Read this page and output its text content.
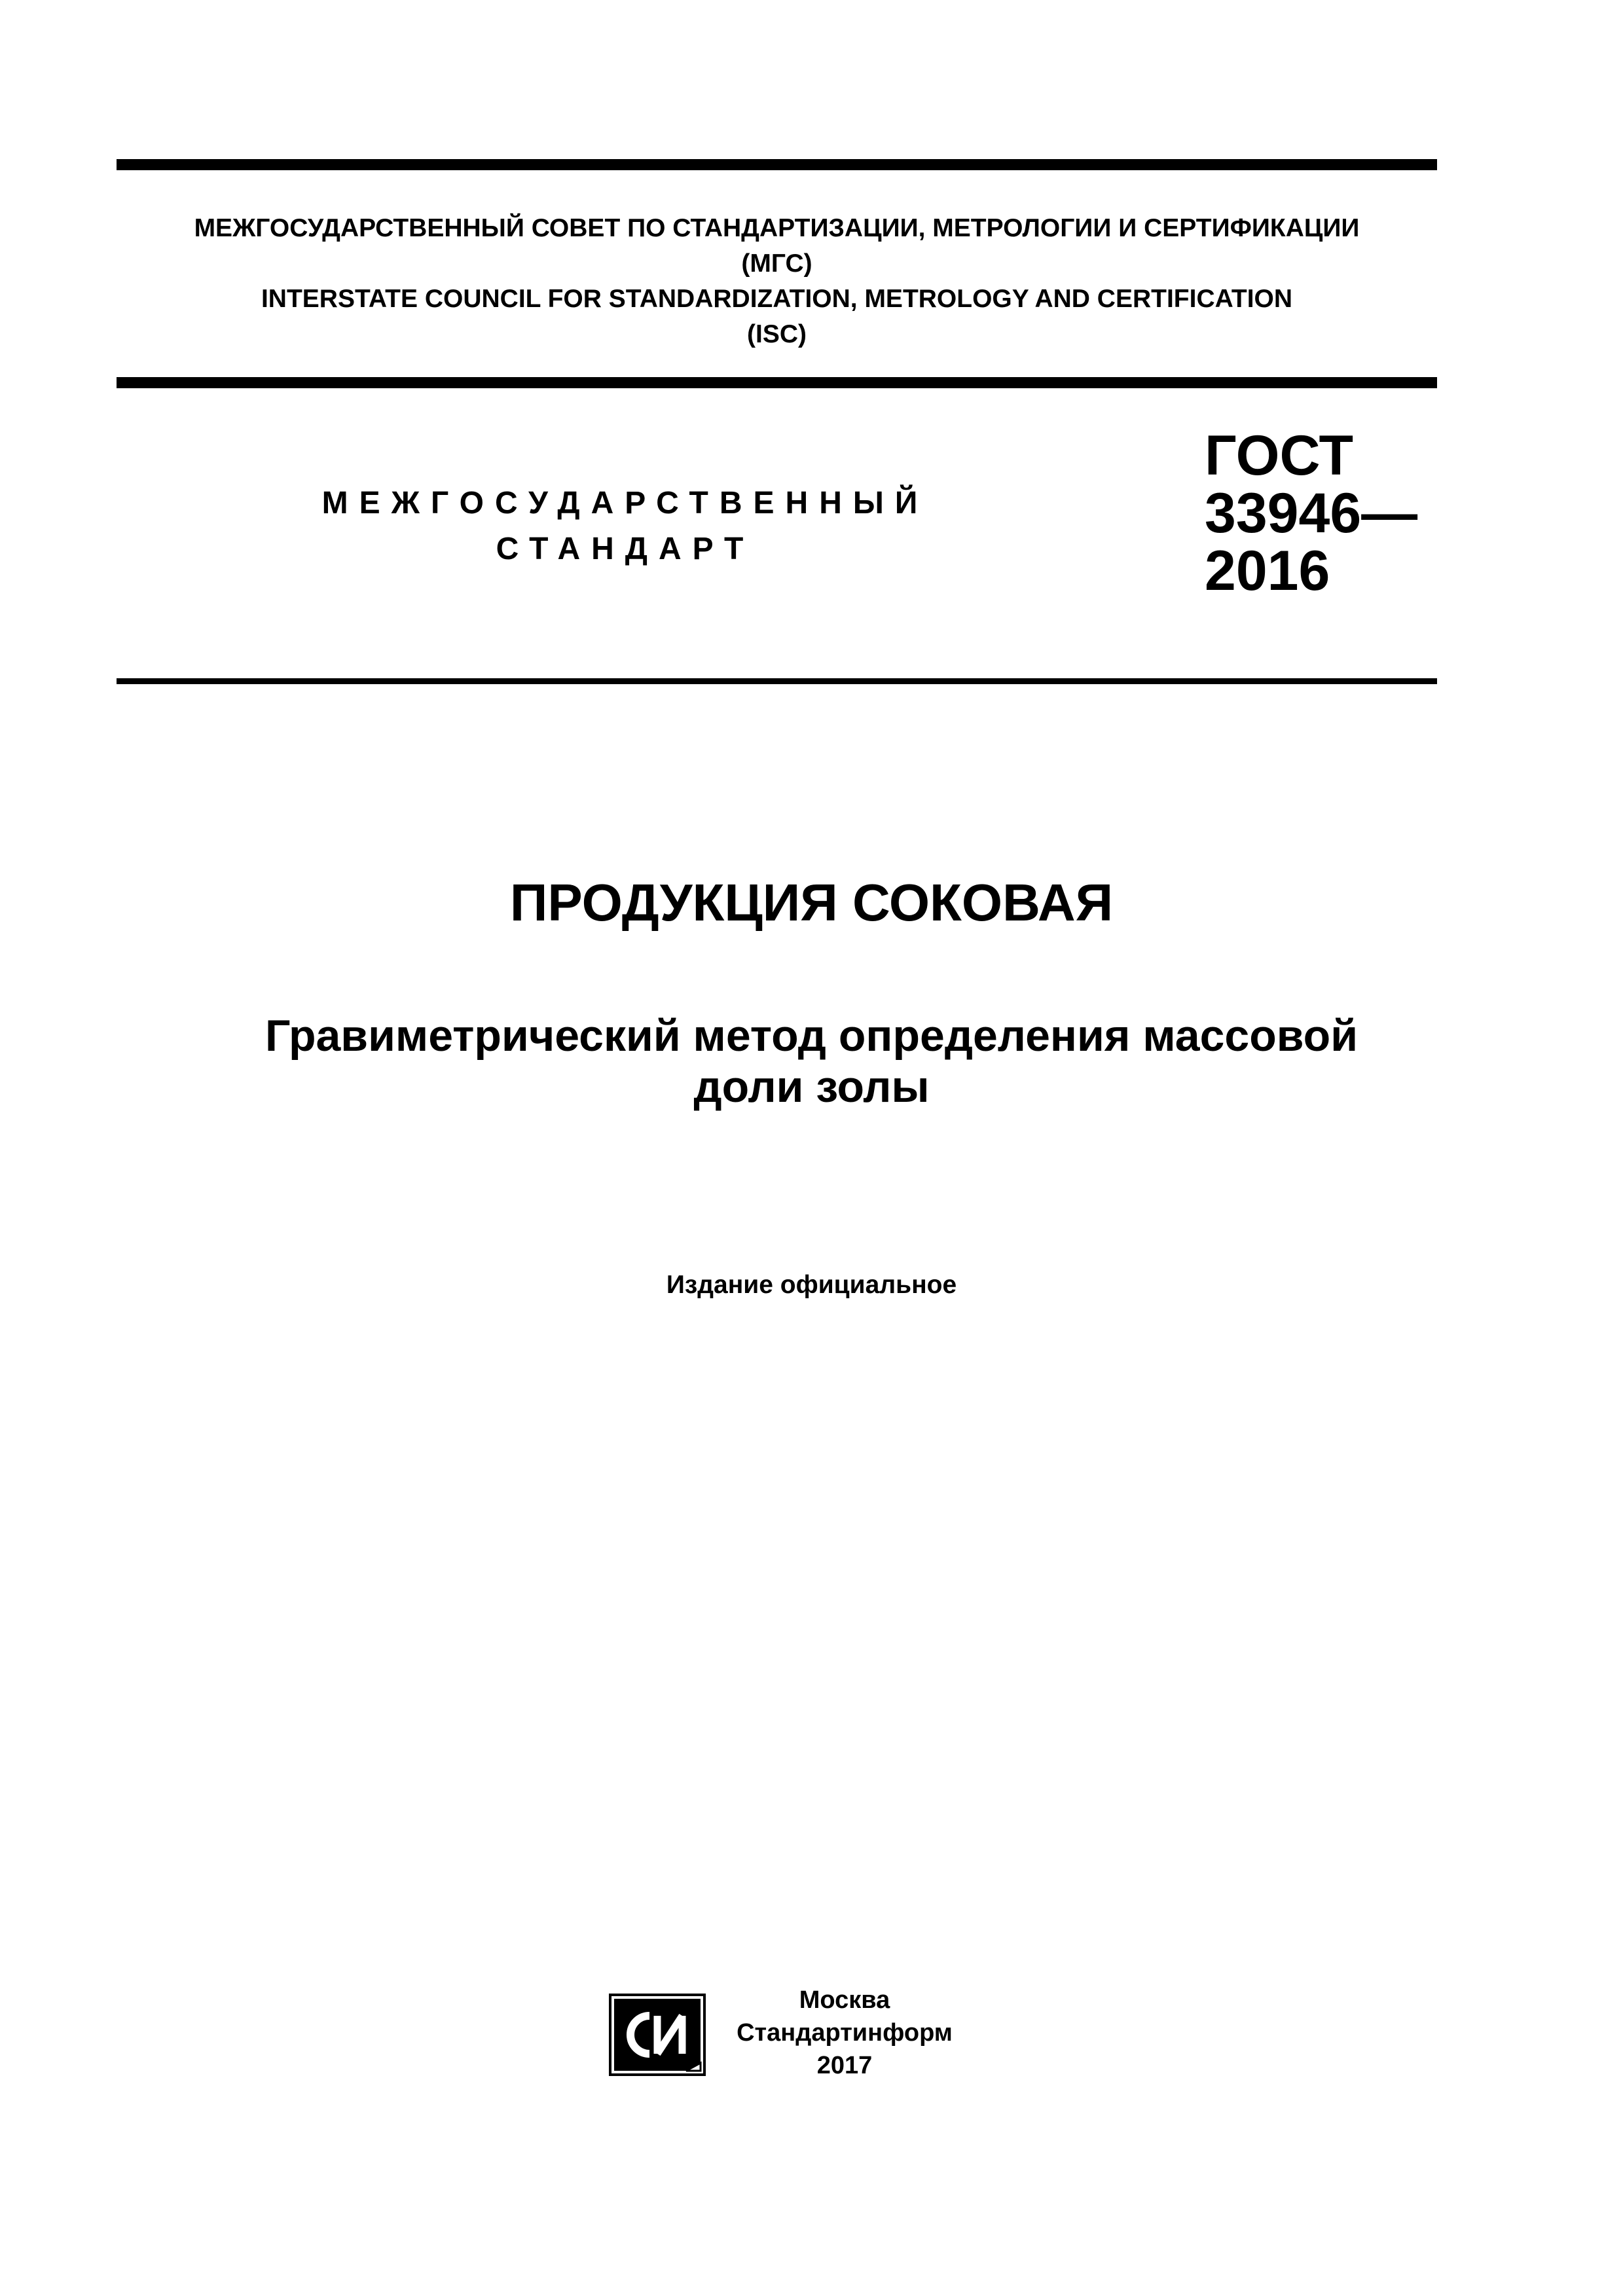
МЕЖГОСУДАРСТВЕННЫЙ СОВЕТ ПО СТАНДАРТИЗАЦИИ, МЕТРОЛОГИИ И СЕРТИФИКАЦИИ
(МГС)
INTERSTATE COUNCIL FOR STANDARDIZATION, METROLOGY AND CERTIFICATION
(ISC)
МЕЖГОСУДАРСТВЕННЫЙ
СТАНДАРТ
ГОСТ
33946—
2016
ПРОДУКЦИЯ СОКОВАЯ
Гравиметрический метод определения массовой
доли золы
Издание официальное
Москва
Стандартинформ
2017
